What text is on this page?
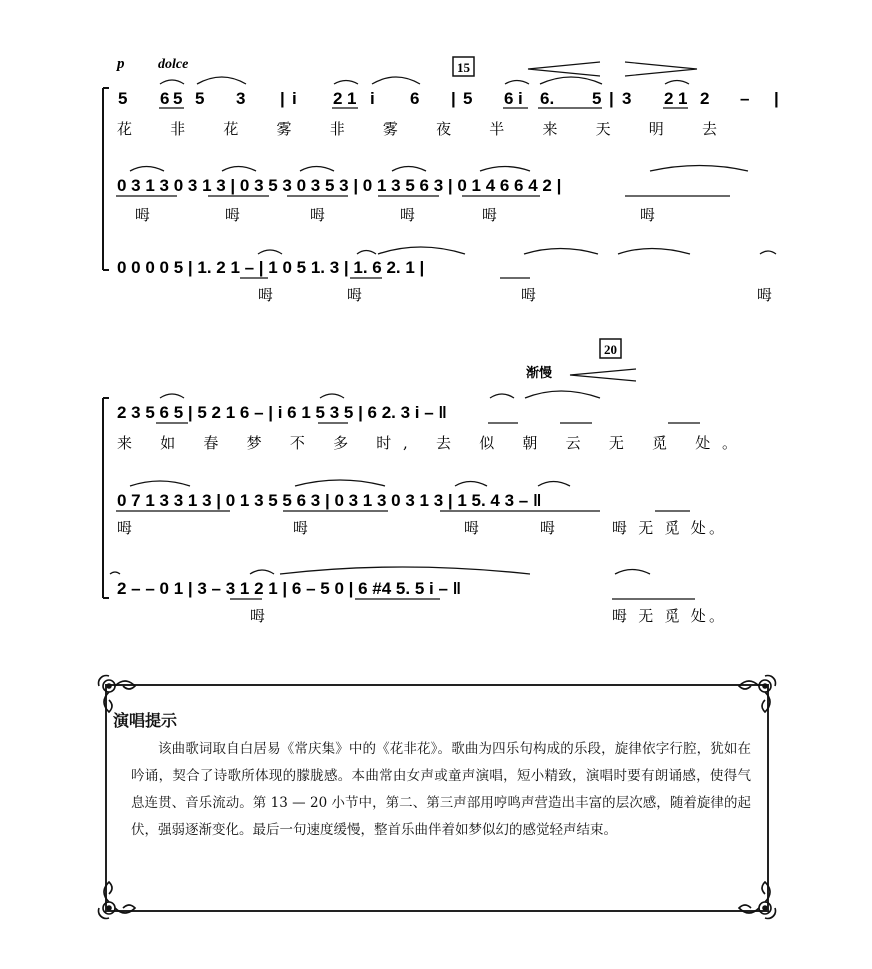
p dolce	15
5 6 5 5 3 | i 2 1 i 6 | 5 6 i 6. 5 | 3 2 1 2 – |
花 非 花 雾 非 雾 夜 半 来 天 明 去
0 3 1 3 0 3 1 3 | 0 3 5 3 0 3 5 3 | 0 1 3 5 6 3 | 0 1 4 6 6 4 2 |
呣	呣	呣	呣	呣	呣
0 0 0 0 5 | 1. 2 1 – | 1 0 5 1. 3 | 1. 6 2. 1 |
呣	呣	呣	呣
渐慢
20
2 3 5 6 5 | 5 2 1 6 – | i 6 1 5 3 5 | 6 2. 3 i – ‖
来 如 春 梦 不 多 时, 去 似 朝 云 无 觅 处。
0 7 1 3 3 1 3 | 0 1 3 5 5 6 3 | 0 3 1 3 0 3 1 3 | 1 5. 4 3 – ‖
呣	呣	呣	呣	呣 无 觅 处。
2 – – 0 1 | 3 – 3 1 2 1 | 6 – 5 0 | 6 #4 5. 5 i – ‖
呣	呣 无 觅 处。
演唱提示
该曲歌词取自白居易《常庆集》中的《花非花》。歌曲为四乐句构成的乐段，旋律依字行腔，犹如在吟诵，契合了诗歌所体现的朦胧感。本曲常由女声或童声演唱，短小精致，演唱时要有朗诵感，使得气息连贯、音乐流动。第 13 — 20 小节中，第二、第三声部用哼鸣声营造出丰富的层次感，随着旋律的起伏，强弱逐渐变化。最后一句速度缓慢，整首乐曲伴着如梦似幻的感觉轻声结束。
